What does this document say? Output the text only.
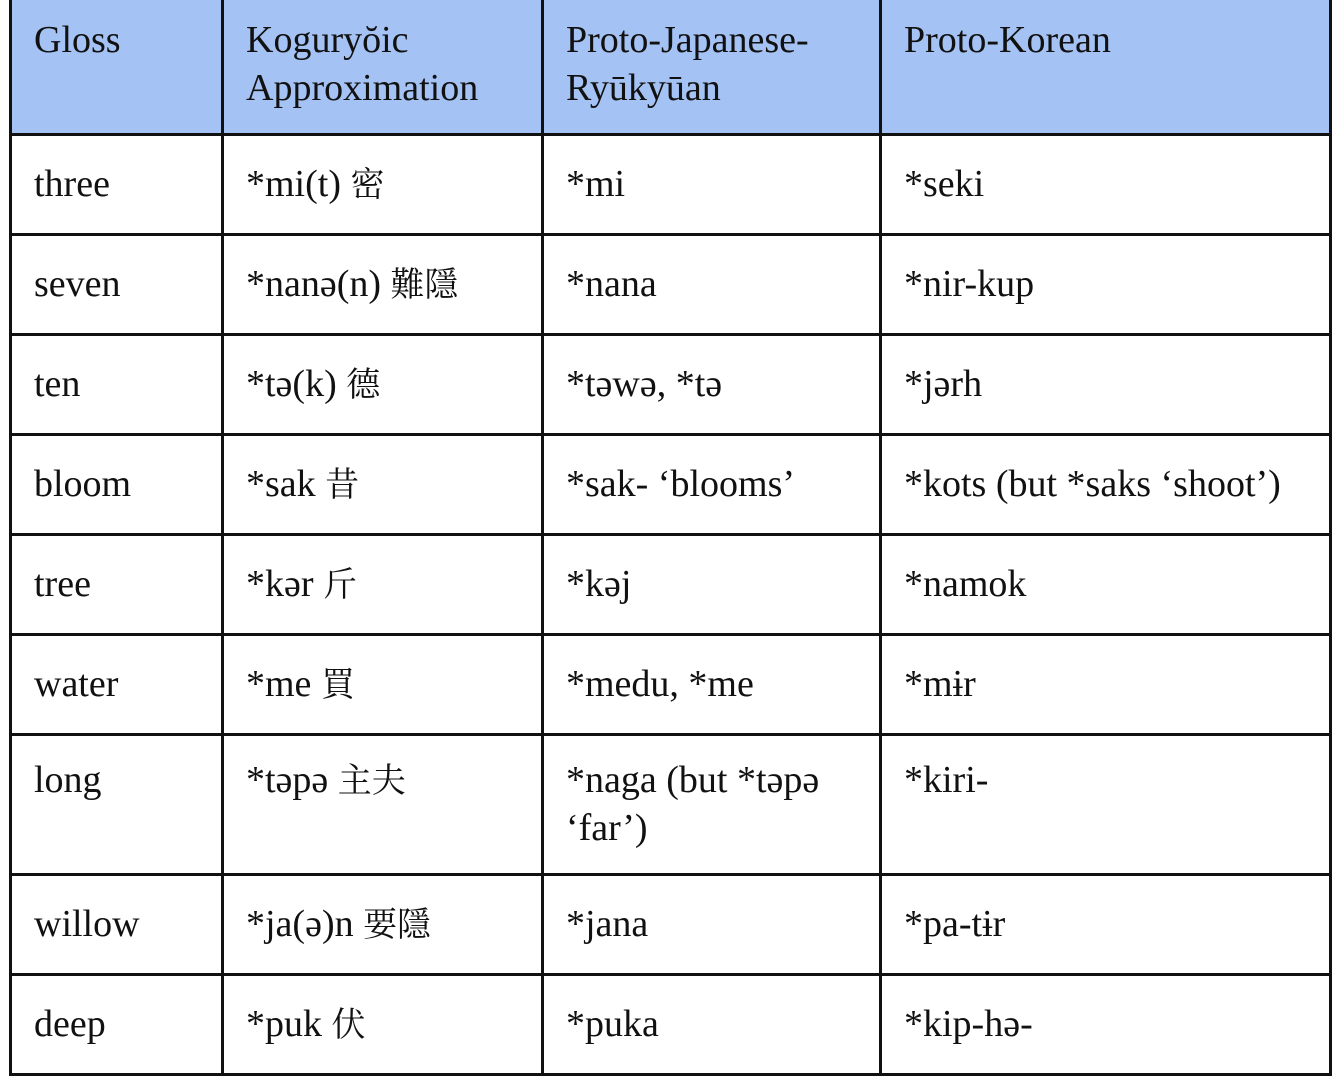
Gloss	Koguryŏic Approximation	Proto-Japanese-Ryūkyūan	Proto-Korean
three	*mi(t) 密	*mi	*seki
seven	*nanə(n) 難隱	*nana	*nir-kup
ten	*tə(k) 德	*təwə, *tə	*jərh
bloom	*sak 昔	*sak- ‘blooms’	*kots (but *saks ‘shoot’)
tree	*kər 斤	*kəj	*namok
water	*me 買	*medu, *me	*mɨr
long	*təpə 主夫	*naga (but *təpə ‘far’)	*kiri-
willow	*ja(ə)n 要隱	*jana	*pa-tɨr
deep	*puk 伏	*puka	*kip-hə-
